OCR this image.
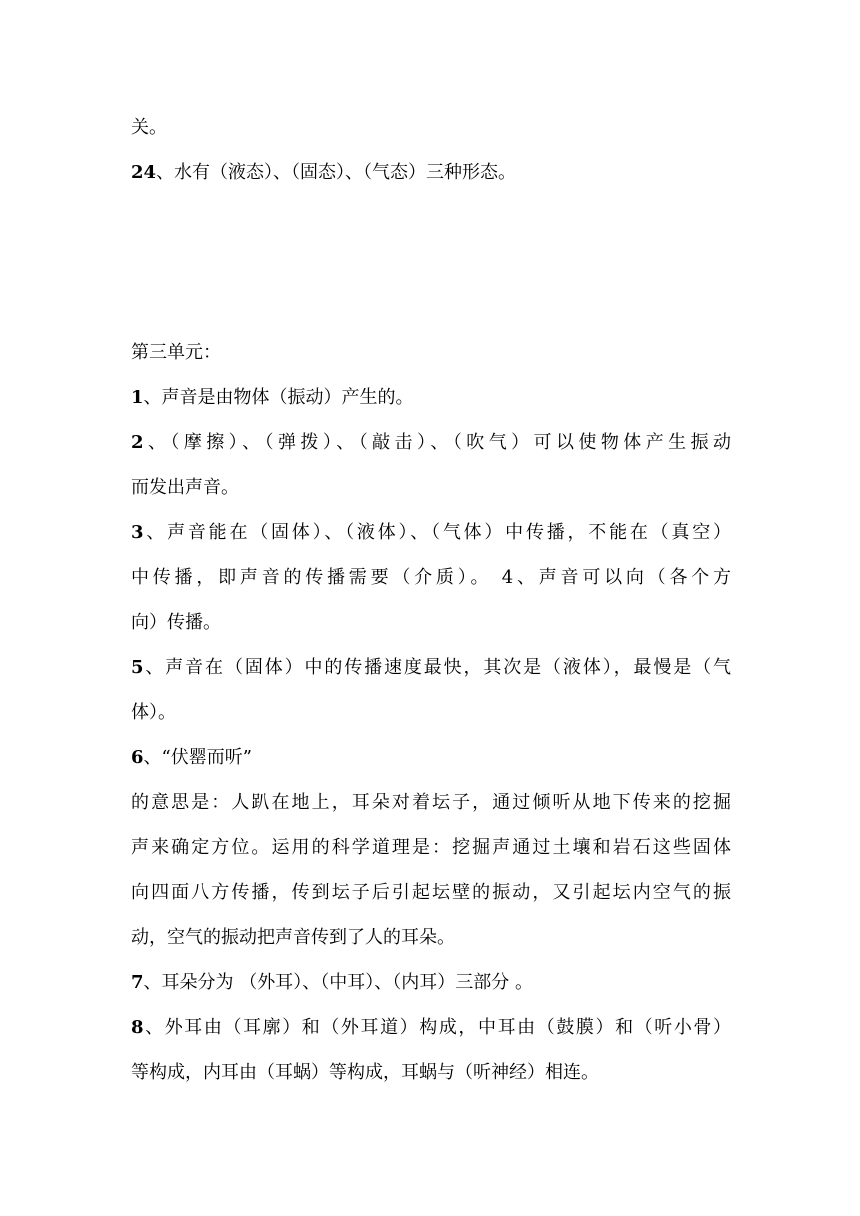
关。
24、水有（液态）、（固态）、（气态）三种形态。
第三单元：
1、声音是由物体（振动）产生的。
2、（摩擦）、（弹拨）、（敲击）、（吹气）可以使物体产生振动
而发出声音。
3、声音能在（固体）、（液体）、（气体）中传播，不能在（真空）
中传播，即声音的传播需要（介质）。 4、声音可以向（各个方
向）传播。
5、声音在（固体）中的传播速度最快，其次是（液体），最慢是（气
体）。
6、“伏罂而听”
的意思是：人趴在地上，耳朵对着坛子，通过倾听从地下传来的挖掘
声来确定方位。运用的科学道理是：挖掘声通过土壤和岩石这些固体
向四面八方传播，传到坛子后引起坛壁的振动，又引起坛内空气的振
动，空气的振动把声音传到了人的耳朵。
7、耳朵分为 （外耳）、（中耳）、（内耳）三部分 。
8、外耳由（耳廓）和（外耳道）构成，中耳由（鼓膜）和（听小骨）
等构成，内耳由（耳蜗）等构成，耳蜗与（听神经）相连。
